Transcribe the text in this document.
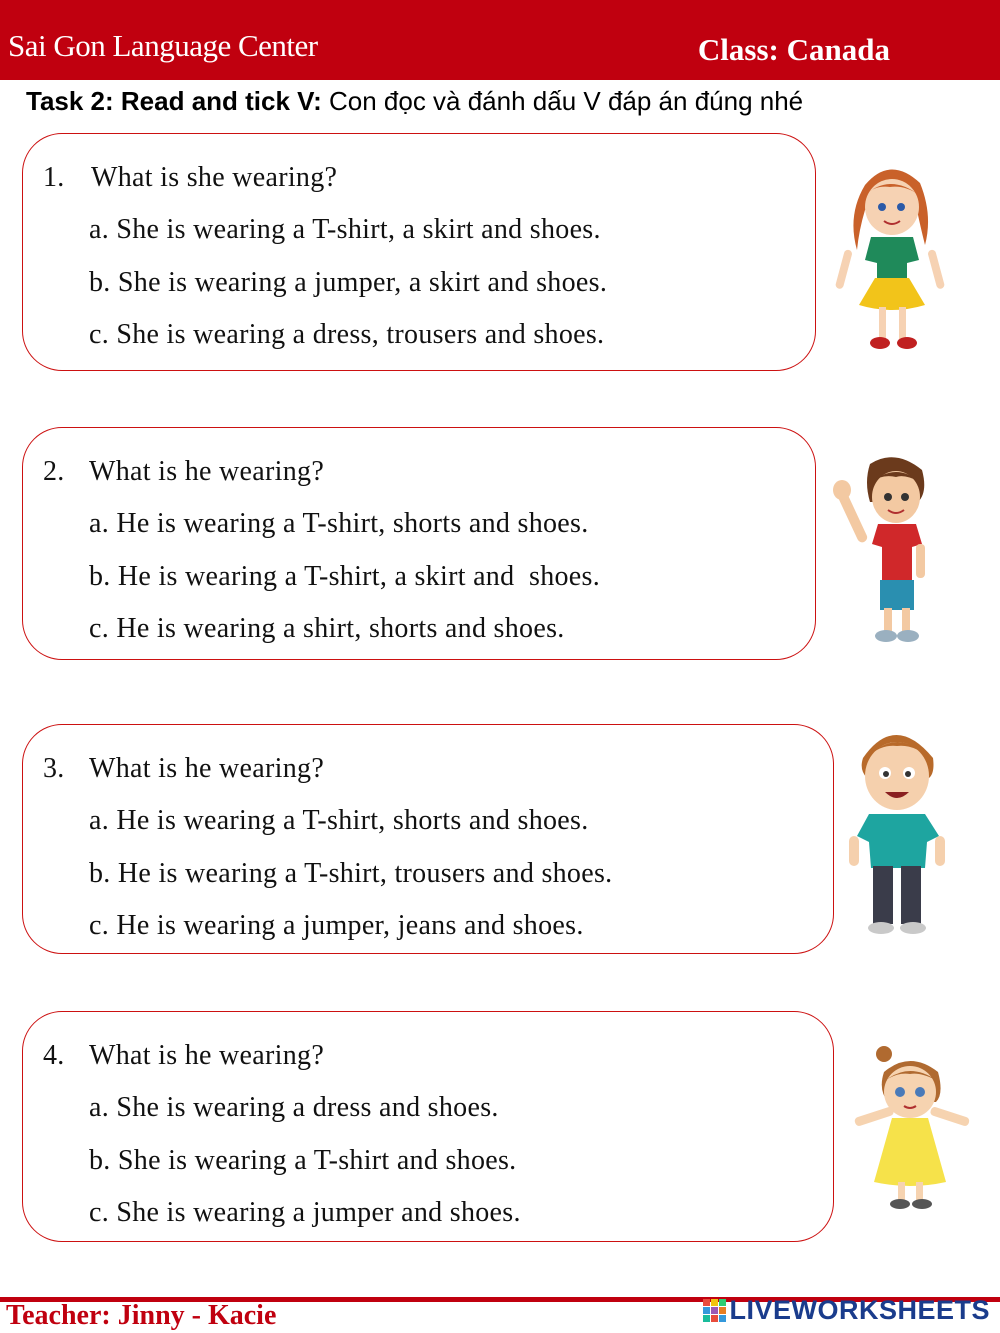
Sai Gon Language Center	Class: Canada
Task 2: Read and tick V: Con đọc và đánh dấu V đáp án đúng nhé
1. What is she wearing?
a. She is wearing a T-shirt, a skirt and shoes.
b. She is wearing a jumper, a skirt and shoes.
c. She is wearing a dress, trousers and shoes.
2. What is he wearing?
a. He is wearing a T-shirt, shorts and shoes.
b. He is wearing a T-shirt, a skirt and  shoes.
c. He is wearing a shirt, shorts and shoes.
3. What is he wearing?
a. He is wearing a T-shirt, shorts and shoes.
b. He is wearing a T-shirt, trousers and shoes.
c. He is wearing a jumper, jeans and shoes.
4. What is he wearing?
a. She is wearing a dress and shoes.
b. She is wearing a T-shirt and shoes.
c. She is wearing a jumper and shoes.
Teacher: Jinny - Kacie	LIVEWORKSHEETS
